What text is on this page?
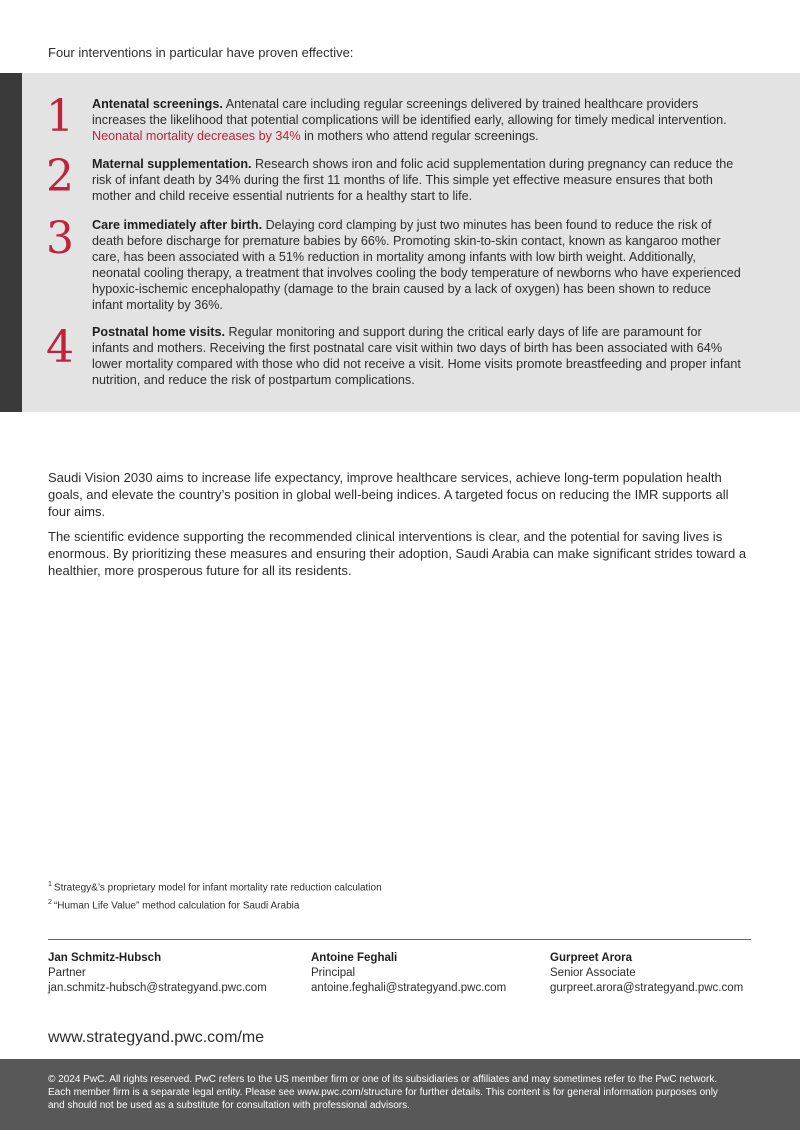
Four interventions in particular have proven effective:
1 Antenatal screenings. Antenatal care including regular screenings delivered by trained healthcare providers increases the likelihood that potential complications will be identified early, allowing for timely medical intervention. Neonatal mortality decreases by 34% in mothers who attend regular screenings.
2 Maternal supplementation. Research shows iron and folic acid supplementation during pregnancy can reduce the risk of infant death by 34% during the first 11 months of life. This simple yet effective measure ensures that both mother and child receive essential nutrients for a healthy start to life.
3 Care immediately after birth. Delaying cord clamping by just two minutes has been found to reduce the risk of death before discharge for premature babies by 66%. Promoting skin-to-skin contact, known as kangaroo mother care, has been associated with a 51% reduction in mortality among infants with low birth weight. Additionally, neonatal cooling therapy, a treatment that involves cooling the body temperature of newborns who have experienced hypoxic-ischemic encephalopathy (damage to the brain caused by a lack of oxygen) has been shown to reduce infant mortality by 36%.
4 Postnatal home visits. Regular monitoring and support during the critical early days of life are paramount for infants and mothers. Receiving the first postnatal care visit within two days of birth has been associated with 64% lower mortality compared with those who did not receive a visit. Home visits promote breastfeeding and proper infant nutrition, and reduce the risk of postpartum complications.

Saudi Vision 2030 aims to increase life expectancy, improve healthcare services, achieve long-term population health goals, and elevate the country’s position in global well-being indices. A targeted focus on reducing the IMR supports all four aims.

The scientific evidence supporting the recommended clinical interventions is clear, and the potential for saving lives is enormous. By prioritizing these measures and ensuring their adoption, Saudi Arabia can make significant strides toward a healthier, more prosperous future for all its residents.

$^1$ Strategy&’s proprietary model for infant mortality rate reduction calculation
$^2$ “Human Life Value” method calculation for Saudi Arabia
Jan Schmitz-Hubsch
Partner
jan.schmitz-hubsch@strategyand.pwc.com
Antoine Feghali
Principal
antoine.feghali@strategyand.pwc.com
Gurpreet Arora
Senior Associate
gurpreet.arora@strategyand.pwc.com
www.strategyand.pwc.com/me
© 2024 PwC. All rights reserved. PwC refers to the US member firm or one of its subsidiaries or affiliates and may sometimes refer to the PwC network. Each member firm is a separate legal entity. Please see www.pwc.com/structure for further details. This content is for general information purposes only and should not be used as a substitute for consultation with professional advisors.
